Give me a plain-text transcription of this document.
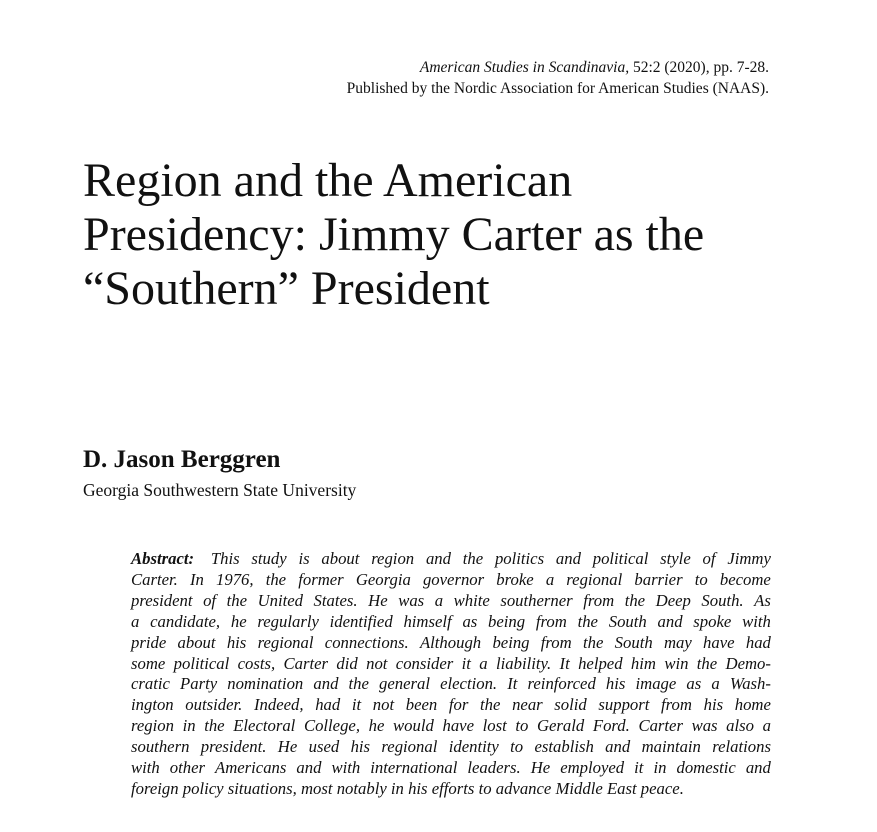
American Studies in Scandinavia, 52:2 (2020), pp. 7-28.
Published by the Nordic Association for American Studies (NAAS).
Region and the American
Presidency: Jimmy Carter as the
“Southern” President

D. Jason Berggren

Georgia Southwestern State University

Abstract: This study is about region and the politics and political style of Jimmy
Carter. In 1976, the former Georgia governor broke a regional barrier to become
president of the United States. He was a white southerner from the Deep South. As
a candidate, he regularly identified himself as being from the South and spoke with
pride about his regional connections. Although being from the South may have had
some political costs, Carter did not consider it a liability. It helped him win the Demo-
cratic Party nomination and the general election. It reinforced his image as a Wash-
ington outsider. Indeed, had it not been for the near solid support from his home
region in the Electoral College, he would have lost to Gerald Ford. Carter was also a
southern president. He used his regional identity to establish and maintain relations
with other Americans and with international leaders. He employed it in domestic and
foreign policy situations, most notably in his efforts to advance Middle East peace.
